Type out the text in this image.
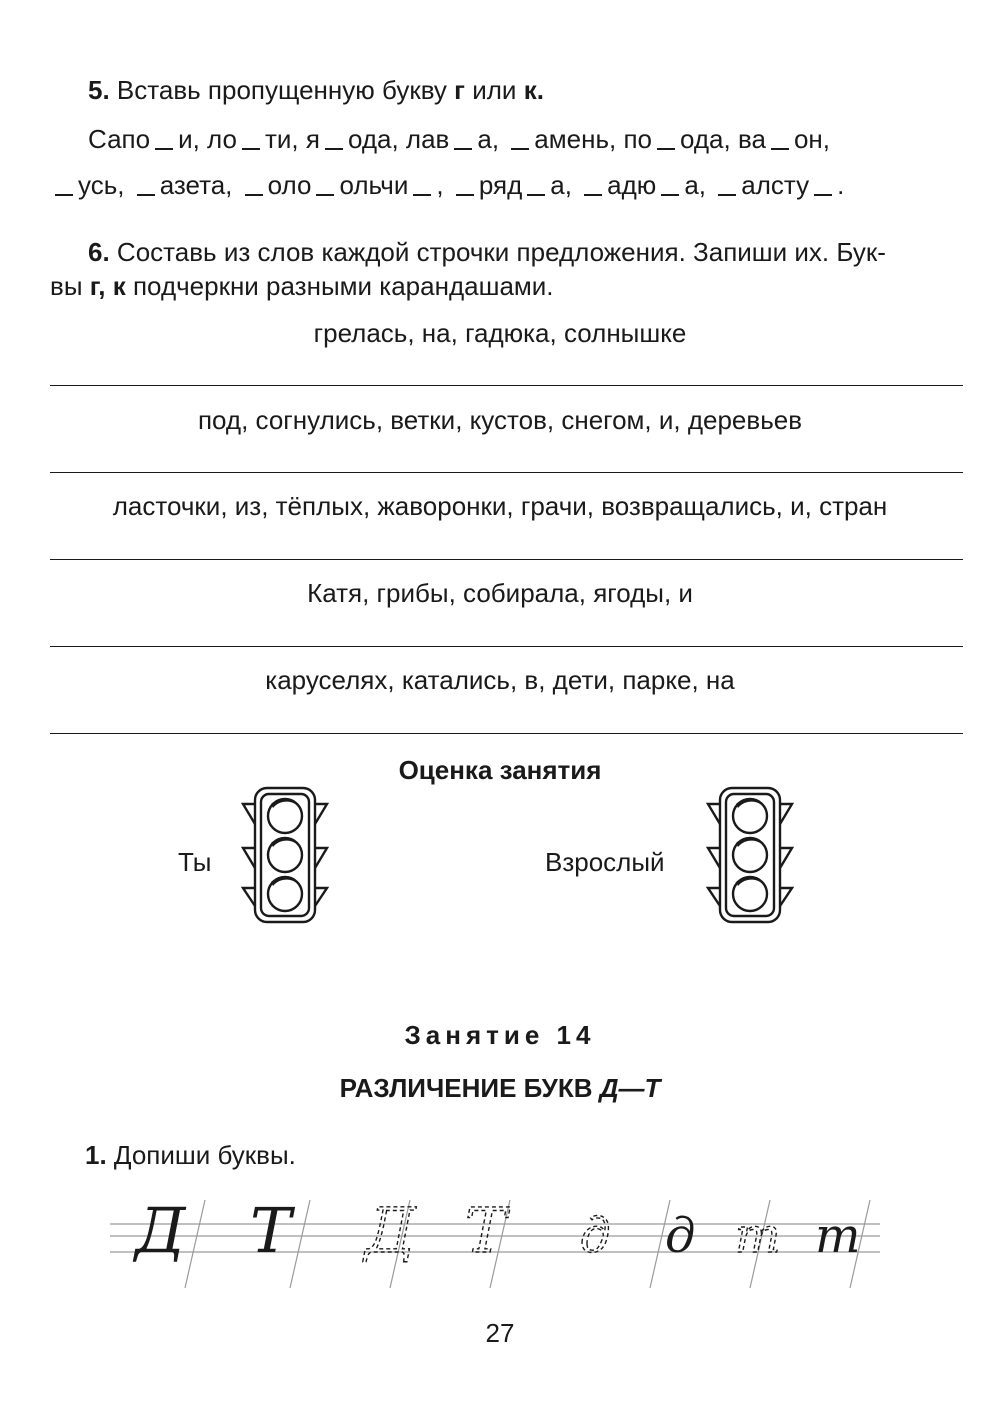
5. Вставь пропущенную букву г или к.
Сапо и, ло ти, я ода, лав а, амень, по ода, ва он,
усь, азета, оло ольчи , ряд а, адю а, алсту .
6. Составь из слов каждой строчки предложения. Запиши их. Бук-
вы г, к подчеркни разными карандашами.
грелась, на, гадюка, солнышке
под, согнулись, ветки, кустов, снегом, и, деревьев
ласточки, из, тёплых, жаворонки, грачи, возвращались, и, стран
Катя, грибы, собирала, ягоды, и
каруселях, катались, в, дети, парке, на
Оценка занятия
Ты	Взрослый
Занятие 14
РАЗЛИЧЕНИЕ БУКВ Д—Т
1. Допиши буквы.
Д Т Д Т д д т т
27
